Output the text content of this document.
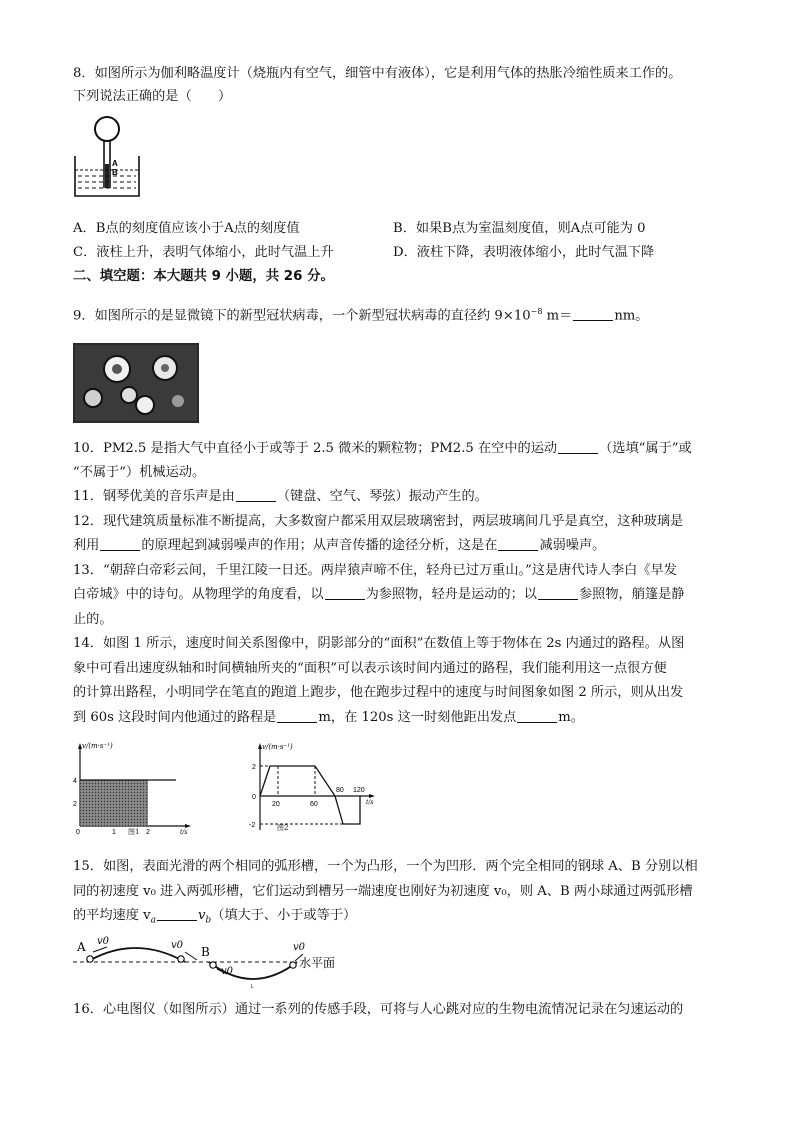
8．如图所示为伽利略温度计（烧瓶内有空气，细管中有液体），它是利用气体的热胀冷缩性质来工作的。
下列说法正确的是（　　）
A
B
A．B点的刻度值应该小于A点的刻度值	B．如果B点为室温刻度值，则A点可能为 0
C．液柱上升，表明气体缩小，此时气温上升	D．液柱下降，表明液体缩小，此时气温下降
二、填空题：本大题共 9 小题，共 26 分。
9．如图所示的是显微镜下的新型冠状病毒，一个新型冠状病毒的直径约 $9\times 10^{-8}$ m＝	nm。
10．PM2.5 是指大气中直径小于或等于 2.5 微米的颗粒物；PM2.5 在空中的运动	（选填“属于”或
“不属于”）机械运动。
11．钢琴优美的音乐声是由	（键盘、空气、琴弦）振动产生的。
12．现代建筑质量标准不断提高，大多数窗户都采用双层玻璃密封，两层玻璃间几乎是真空，这种玻璃是
利用	的原理起到减弱噪声的作用；从声音传播的途径分析，这是在	减弱噪声。
13．“朝辞白帝彩云间，千里江陵一日还。两岸猿声啼不住，轻舟已过万重山。”这是唐代诗人李白《早发
白帝城》中的诗句。从物理学的角度看，以	为参照物，轻舟是运动的；以	参照物，艄篷是静
止的。
14．如图 1 所示，速度时间关系图像中，阴影部分的“面积”在数值上等于物体在 2s 内通过的路程。从图
象中可看出速度纵轴和时间横轴所夹的“面积”可以表示该时间内通过的路程，我们能利用这一点很方便
的计算出路程，小明同学在笔直的跑道上跑步，他在跑步过程中的速度与时间图象如图 2 所示，则从出发
到 60s 这段时间内他通过的路程是	m，在 120s 这一时刻他距出发点	m。
v/(m·s⁻¹)
t/s
4
2
0	1	2
图1
v/(m·s⁻¹)
t/s
2
0
-2
20	60
80 120
图2
15．如图，表面光滑的两个相同的弧形槽，一个为凸形，一个为凹形．两个完全相同的钢球 A、B 分别以相
同的初速度 v₀ 进入两弧形槽，它们运动到槽另一端速度也刚好为初速度 v₀，则 A、B 两小球通过两弧形槽
的平均速度 $v_a$	$v_b$（填大于、小于或等于）
A	B
v0	v0
v0
v0
水平面
L
16．心电图仪（如图所示）通过一系列的传感手段，可将与人心跳对应的生物电流情况记录在匀速运动的
